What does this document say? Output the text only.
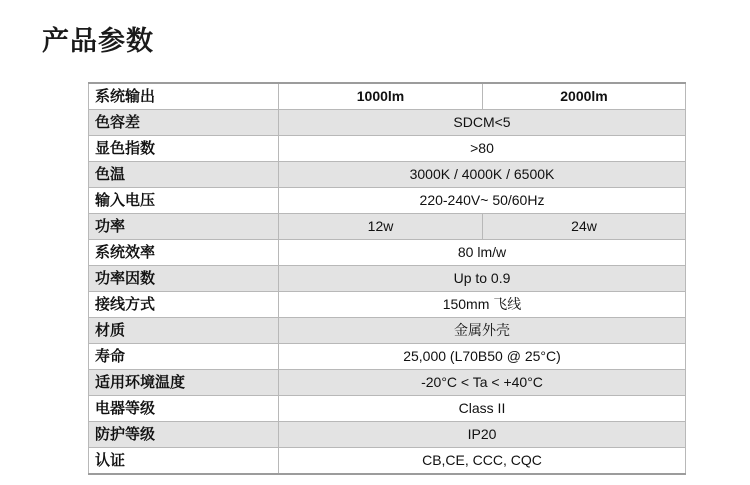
产品参数
系统输出	1000lm	2000lm
色容差	SDCM<5	
显色指数	>80	
色温	3000K / 4000K / 6500K	
输入电压	220-240V~ 50/60Hz	
功率	12w	24w
系统效率	80 lm/w	
功率因数	Up to 0.9	
接线方式	150mm 飞线	
材质	金属外壳	
寿命	25,000 (L70B50 @ 25°C)	
适用环境温度	-20°C < Ta < +40°C	
电器等级	Class II	
防护等级	IP20	
认证	CB,CE, CCC, CQC	
